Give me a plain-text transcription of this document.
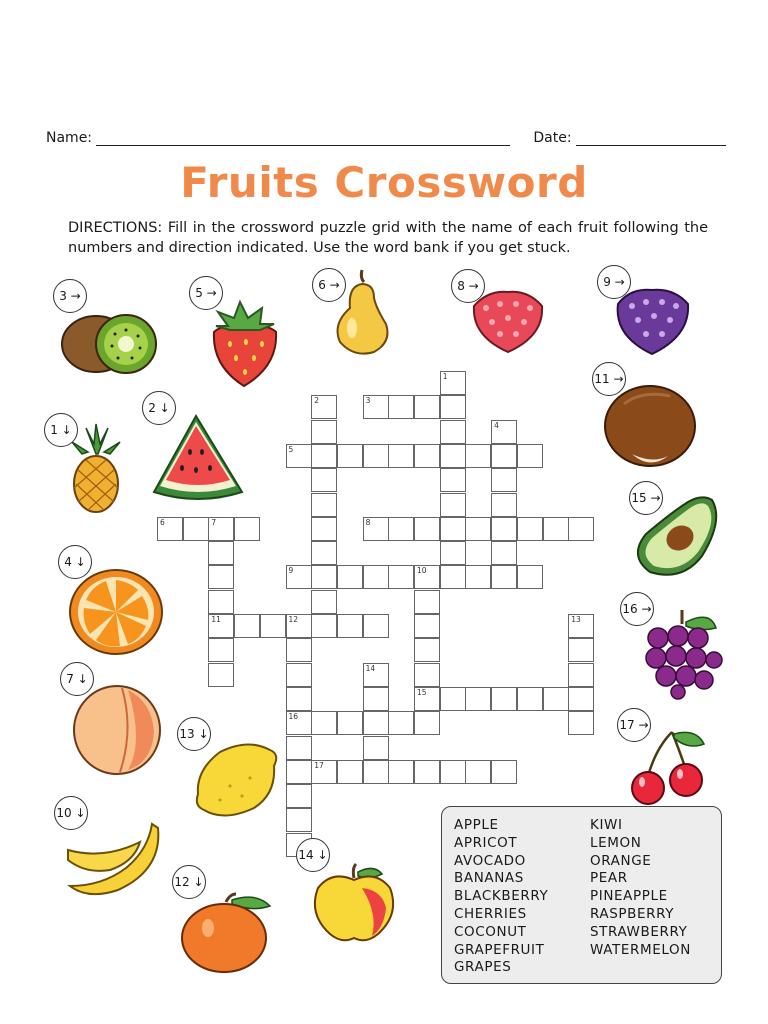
Name:	Date:
Fruits Crossword
DIRECTIONS: Fill in the crossword puzzle grid with the name of each fruit following the numbers and direction indicated. Use the word bank if you get stuck.
1
2	3
4
5
6	7
11
8
9	10
15
12
16
13
14
17
3 →	5 →
6 →	8 →	9 →
2 ↓
1 ↓
11 →
4 ↓
15 →
16 →
7 ↓
13 ↓
17 →
10 ↓
14 ↓
12 ↓
APPLE
APRICOT
AVOCADO
BANANAS
BLACKBERRY
CHERRIES
COCONUT
GRAPEFRUIT
GRAPES
KIWI
LEMON
ORANGE
PEAR
PINEAPPLE
RASPBERRY
STRAWBERRY
WATERMELON
